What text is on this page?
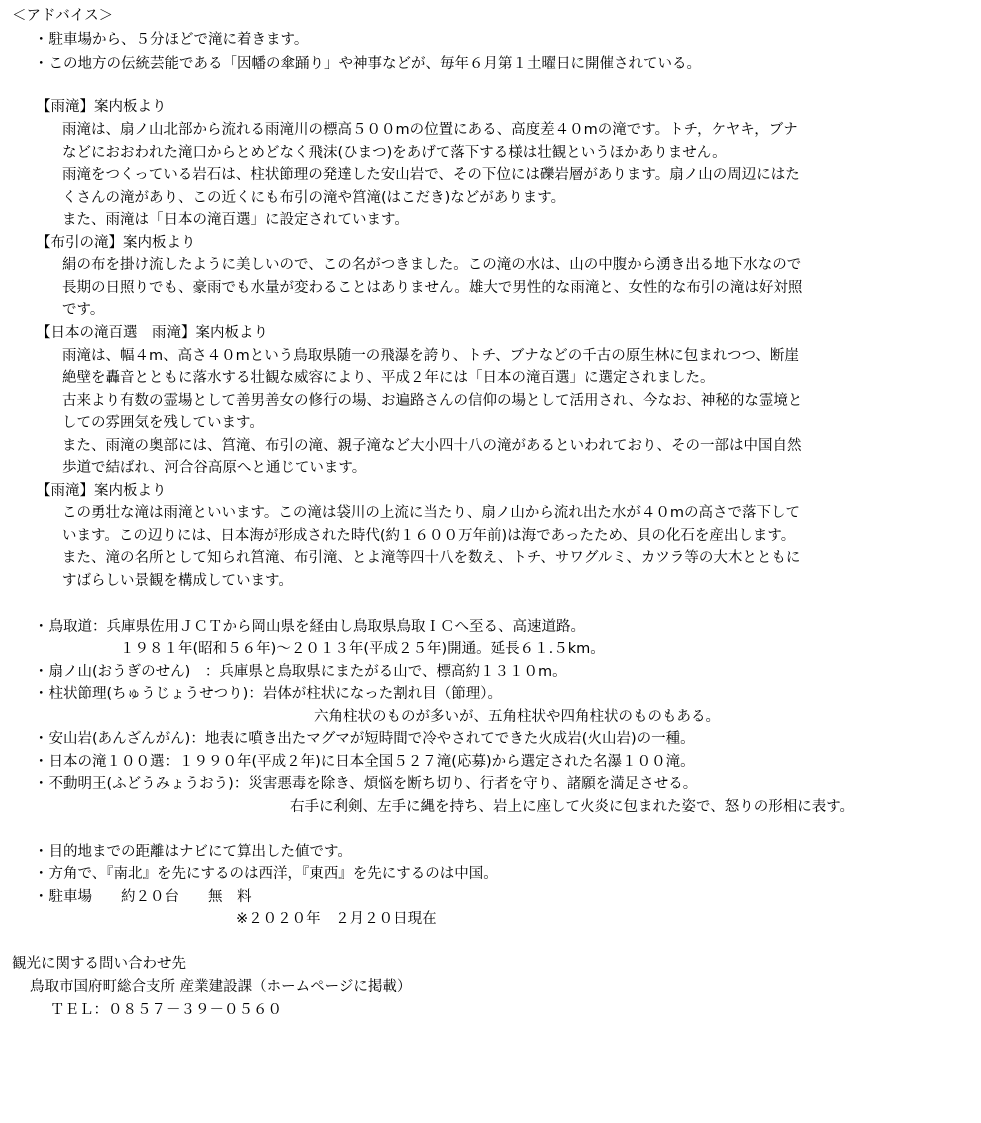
＜アドバイス＞

・駐車場から、５分ほどで滝に着きます。

・この地方の伝統芸能である「因幡の傘踊り」や神事などが、毎年６月第１土曜日に開催されている。

【雨滝】案内板より

雨滝は、扇ノ山北部から流れる雨滝川の標高５００mの位置にある、高度差４０mの滝です。トチ，ケヤキ，ブナ

などにおおわれた滝口からとめどなく飛沫(ひまつ)をあげて落下する様は壮観というほかありません。

雨滝をつくっている岩石は、柱状節理の発達した安山岩で、その下位には礫岩層があります。扇ノ山の周辺にはた

くさんの滝があり、この近くにも布引の滝や筥滝(はこだき)などがあります。

また、雨滝は「日本の滝百選」に設定されています。

【布引の滝】案内板より

絹の布を掛け流したように美しいので、この名がつきました。この滝の水は、山の中腹から湧き出る地下水なので

長期の日照りでも、豪雨でも水量が変わることはありません。雄大で男性的な雨滝と、女性的な布引の滝は好対照

です。

【日本の滝百選　雨滝】案内板より

雨滝は、幅４m、高さ４０mという鳥取県随一の飛瀑を誇り、トチ、ブナなどの千古の原生林に包まれつつ、断崖

絶壁を轟音とともに落水する壮観な威容により、平成２年には「日本の滝百選」に選定されました。

古来より有数の霊場として善男善女の修行の場、お遍路さんの信仰の場として活用され、今なお、神秘的な霊境と

しての雰囲気を残しています。

また、雨滝の奥部には、筥滝、布引の滝、親子滝など大小四十八の滝があるといわれており、その一部は中国自然

歩道で結ばれ、河合谷高原へと通じています。

【雨滝】案内板より

この勇壮な滝は雨滝といいます。この滝は袋川の上流に当たり、扇ノ山から流れ出た水が４０mの高さで落下して

います。この辺りには、日本海が形成された時代(約１６００万年前)は海であったため、貝の化石を産出します。

また、滝の名所として知られ筥滝、布引滝、とよ滝等四十八を数え、トチ、サワグルミ、カツラ等の大木とともに

すばらしい景観を構成しています。

・鳥取道：兵庫県佐用ＪＣＴから岡山県を経由し鳥取県鳥取ＩＣへ至る、高速道路。

１９８１年(昭和５６年)～２０１３年(平成２５年)開通。延長６１.５km。

・扇ノ山(おうぎのせん)　：兵庫県と鳥取県にまたがる山で、標高約１３１０m。

・柱状節理(ちゅうじょうせつり)：岩体が柱状になった割れ目（節理）。

六角柱状のものが多いが、五角柱状や四角柱状のものもある。

・安山岩(あんざんがん)：地表に噴き出たマグマが短時間で冷やされてできた火成岩(火山岩)の一種。

・日本の滝１００選：１９９０年(平成２年)に日本全国５２７滝(応募)から選定された名瀑１００滝。

・不動明王(ふどうみょうおう)：災害悪毒を除き、煩悩を断ち切り、行者を守り、諸願を満足させる。

右手に利剣、左手に縄を持ち、岩上に座して火炎に包まれた姿で、怒りの形相に表す。

・目的地までの距離はナビにて算出した値です。

・方角で、『南北』を先にするのは西洋，『東西』を先にするのは中国。

・駐車場　　約２０台　　無　料

※２０２０年　２月２０日現在

観光に関する問い合わせ先

鳥取市国府町総合支所 産業建設課（ホームページに掲載）

ＴＥＬ：０８５７－３９－０５６０
